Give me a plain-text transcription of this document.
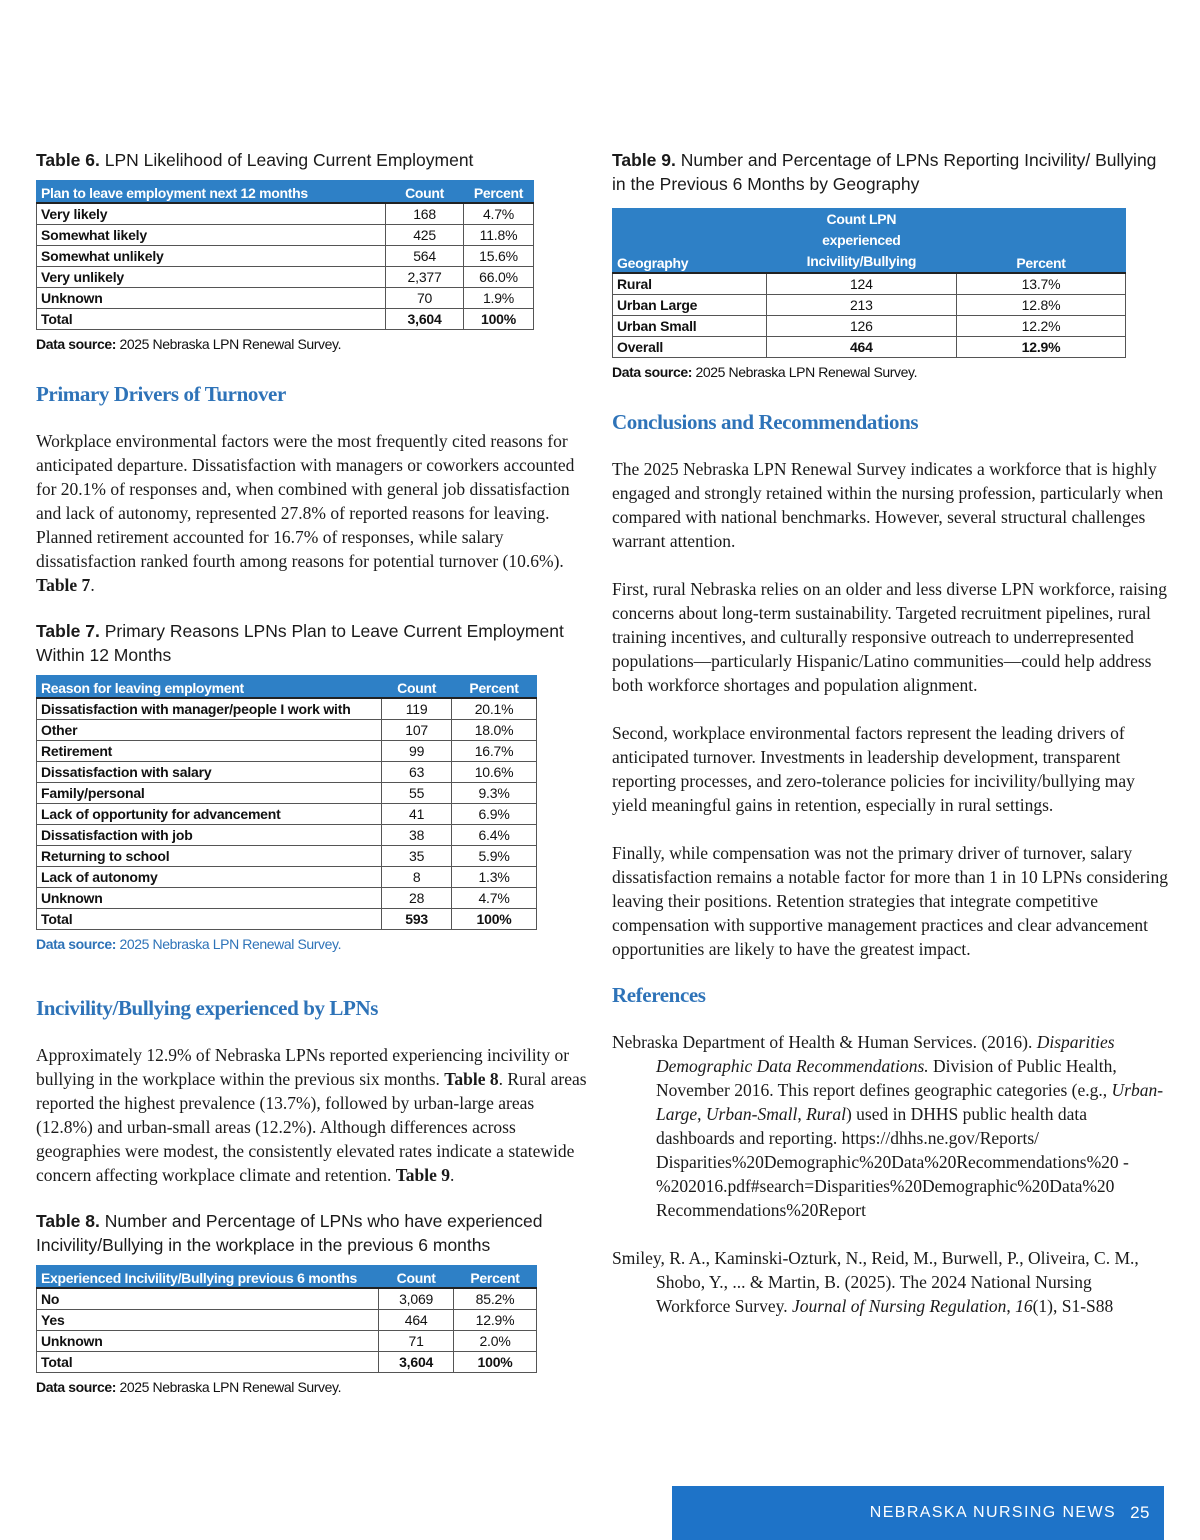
Table 6. LPN Likelihood of Leaving Current Employment
Plan to leave employment next 12 months	Count	Percent
Very likely	168	4.7%
Somewhat likely	425	11.8%
Somewhat unlikely	564	15.6%
Very unlikely	2,377	66.0%
Unknown	70	1.9%
Total	3,604	100%
Data source: 2025 Nebraska LPN Renewal Survey.
Primary Drivers of Turnover

Workplace environmental factors were the most frequently cited reasons for anticipated departure. Dissatisfaction with managers or coworkers accounted for 20.1% of responses and, when combined with general job dissatisfaction and lack of autonomy, represented 27.8% of reported reasons for leaving. Planned retirement accounted for 16.7% of responses, while salary dissatisfaction ranked fourth among reasons for potential turnover (10.6%). Table 7.

Table 7. Primary Reasons LPNs Plan to Leave Current Employment Within 12 Months
Reason for leaving employment	Count	Percent
Dissatisfaction with manager/people I work with	119	20.1%
Other	107	18.0%
Retirement	99	16.7%
Dissatisfaction with salary	63	10.6%
Family/personal	55	9.3%
Lack of opportunity for advancement	41	6.9%
Dissatisfaction with job	38	6.4%
Returning to school	35	5.9%
Lack of autonomy	8	1.3%
Unknown	28	4.7%
Total	593	100%
Data source: 2025 Nebraska LPN Renewal Survey.
Incivility/Bullying experienced by LPNs

Approximately 12.9% of Nebraska LPNs reported experiencing incivility or bullying in the workplace within the previous six months. Table 8. Rural areas reported the highest prevalence (13.7%), followed by urban-large areas (12.8%) and urban-small areas (12.2%). Although differences across geographies were modest, the consistently elevated rates indicate a statewide concern affecting workplace climate and retention. Table 9.

Table 8. Number and Percentage of LPNs who have experienced Incivility/Bullying in the workplace in the previous 6 months
Experienced Incivility/Bullying previous 6 months	Count	Percent
No	3,069	85.2%
Yes	464	12.9%
Unknown	71	2.0%
Total	3,604	100%
Data source: 2025 Nebraska LPN Renewal Survey.
Table 9. Number and Percentage of LPNs Reporting Incivility/ Bullying in the Previous 6 Months by Geography
Geography	Count LPN experienced Incivility/Bullying	Percent
Rural	124	13.7%
Urban Large	213	12.8%
Urban Small	126	12.2%
Overall	464	12.9%
Data source: 2025 Nebraska LPN Renewal Survey.
Conclusions and Recommendations

The 2025 Nebraska LPN Renewal Survey indicates a workforce that is highly engaged and strongly retained within the nursing profession, particularly when compared with national benchmarks. However, several structural challenges warrant attention.

First, rural Nebraska relies on an older and less diverse LPN workforce, raising concerns about long-term sustainability. Targeted recruitment pipelines, rural training incentives, and culturally responsive outreach to underrepresented populations—particularly Hispanic/Latino communities—could help address both workforce shortages and population alignment.

Second, workplace environmental factors represent the leading drivers of anticipated turnover. Investments in leadership development, transparent reporting processes, and zero-tolerance policies for incivility/bullying may yield meaningful gains in retention, especially in rural settings.

Finally, while compensation was not the primary driver of turnover, salary dissatisfaction remains a notable factor for more than 1 in 10 LPNs considering leaving their positions. Retention strategies that integrate competitive compensation with supportive management practices and clear advancement opportunities are likely to have the greatest impact.

References

Nebraska Department of Health & Human Services. (2016). Disparities Demographic Data Recommendations. Division of Public Health, November 2016. This report defines geographic categories (e.g., Urban-Large, Urban-Small, Rural) used in DHHS public health data dashboards and reporting. https://dhhs.ne.gov/Reports/ Disparities%20Demographic%20Data%20Recommendations%20 -%202016.pdf#search=Disparities%20Demographic%20Data%20 Recommendations%20Report

Smiley, R. A., Kaminski-Ozturk, N., Reid, M., Burwell, P., Oliveira, C. M., Shobo, Y., ... & Martin, B. (2025). The 2024 National Nursing Workforce Survey. Journal of Nursing Regulation, 16(1), S1-S88

NEBRASKA NURSING NEWS 25
